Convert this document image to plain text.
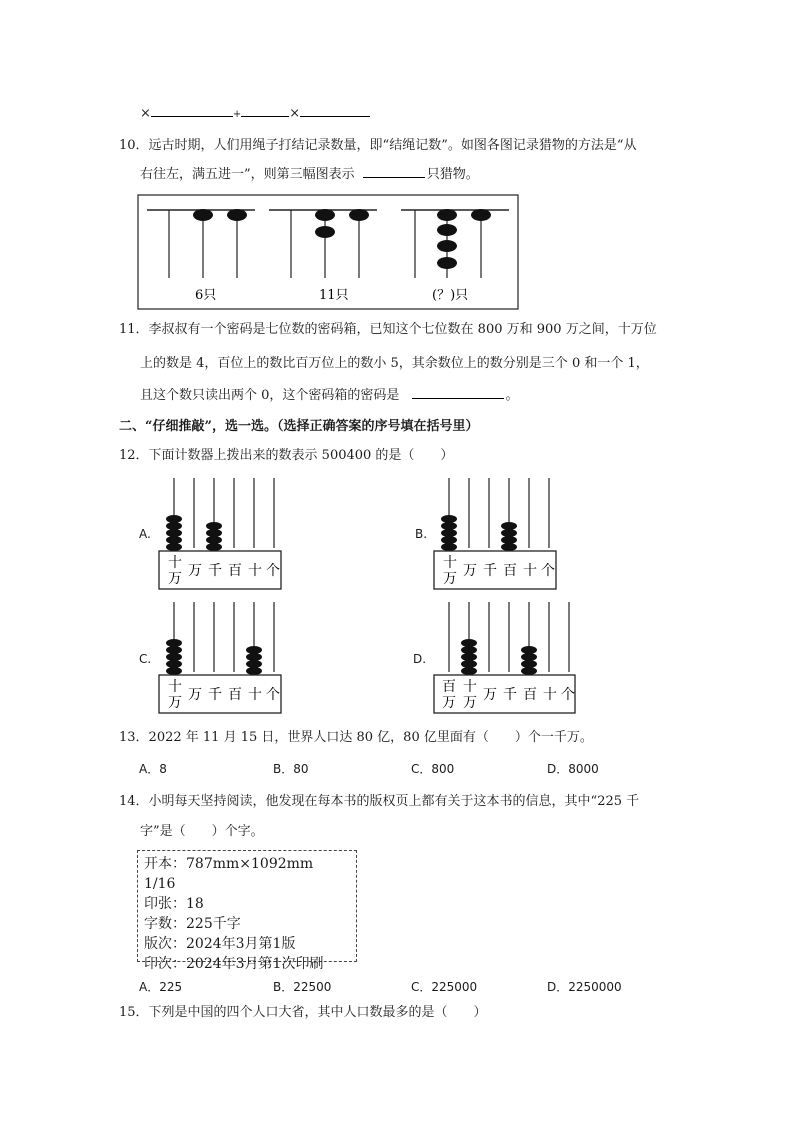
×	+	×
10．远古时期，人们用绳子打结记录数量，即“结绳记数”。如图各图记录猎物的方法是“从
右往左，满五进一”，则第三幅图表示	只猎物。
6只	11只	(？)只
11．李叔叔有一个密码是七位数的密码箱，已知这个七位数在 800 万和 900 万之间，十万位
上的数是 4，百位上的数比百万位上的数小 5，其余数位上的数分别是三个 0 和一个 1，
且这个数只读出两个 0，这个密码箱的密码是	。
二、“仔细推敲”，选一选。（选择正确答案的序号填在括号里）
12．下面计数器上拨出来的数表示 500400 的是（　　）
A.
十
万 万 千 百 十 个
B.
十
万 万 千 百 十 个
C.
十
万 万 千 百 十 个
D.
百
万
十
万 万 千 百 十 个
13．2022 年 11 月 15 日，世界人口达 80 亿，80 亿里面有（　　）个一千万。
A．8	B．80	C．800	D．8000
14．小明每天坚持阅读，他发现在每本书的版权页上都有关于这本书的信息，其中“225 千
字”是（　　）个字。
开本：787mm×1092mm　1/16
印张：18
字数：225千字
版次：2024年3月第1版
印次：2024年3月第1次印刷
A．225	B．22500	C．225000	D．2250000
15．下列是中国的四个人口大省，其中人口数最多的是（　　）
